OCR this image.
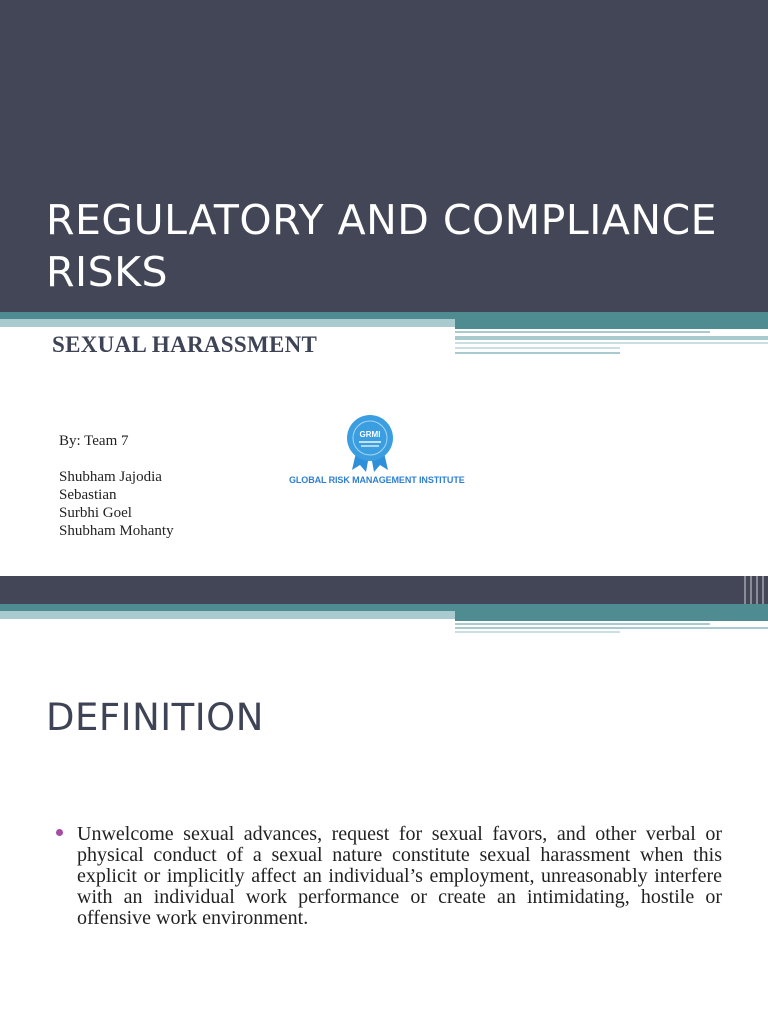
REGULATORY AND COMPLIANCE RISKS
SEXUAL HARASSMENT
By: Team 7
Shubham Jajodia
Sebastian
Surbhi Goel
Shubham Mohanty
GRMI
GLOBAL RISK MANAGEMENT INSTITUTE
DEFINITION

Unwelcome sexual advances, request for sexual favors, and other verbal or physical conduct of a sexual nature constitute sexual harassment when this explicit or implicitly affect an individual’s employment, unreasonably interfere with an individual work performance or create an intimidating, hostile or offensive work environment.
